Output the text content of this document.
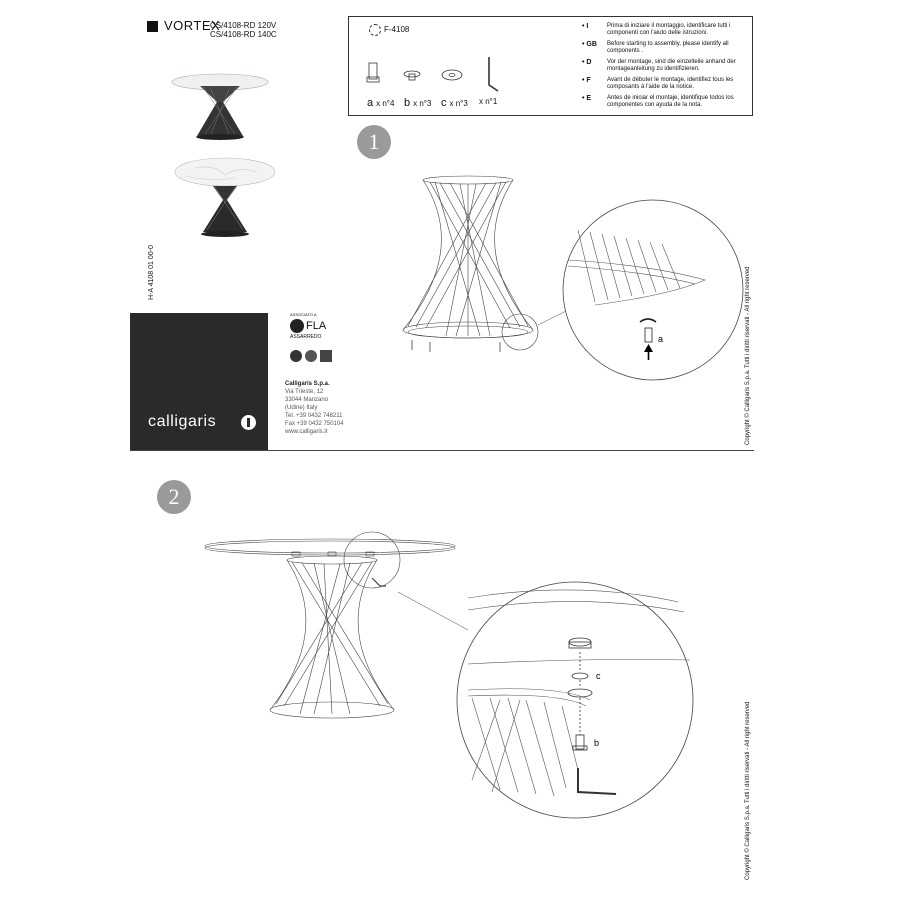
VORTEX
CS/4108-RD 120V
CS/4108-RD 140C
H-A 4108 01 00-0
F-4108
a x n°4 b x n°3 c x n°3 x n°1
• I	Prima di iniziare il montaggio, identificare tutti i componenti con l'aiuto delle istruzioni.
• GB Before starting to assembly, please identify all components .
• D	Vor der montage, sind die einzelteile anhand der montageanleitung zu identifizieren.
• F	Avant de débuter le montage, identifiez tous les composants à l'aide de la notice.
• E	Antes de iniciar el montaje, identifique todos los componentes con ayuda de la nota.
calligaris
ASSOCIATO A
FLA
ASSARREDO
Calligaris S.p.a.
Via Trieste, 12
33044 Manzano
(Udine) Italy
Tel. +39 0432 748211
Fax +39 0432 750104
www.calligaris.it
1
a	Copyright © Calligaris S.p.a. Tutti i diritti riservati - All right reserved
2
c
b	Copyright © Calligaris S.p.a. Tutti i diritti riservati - All right reserved
